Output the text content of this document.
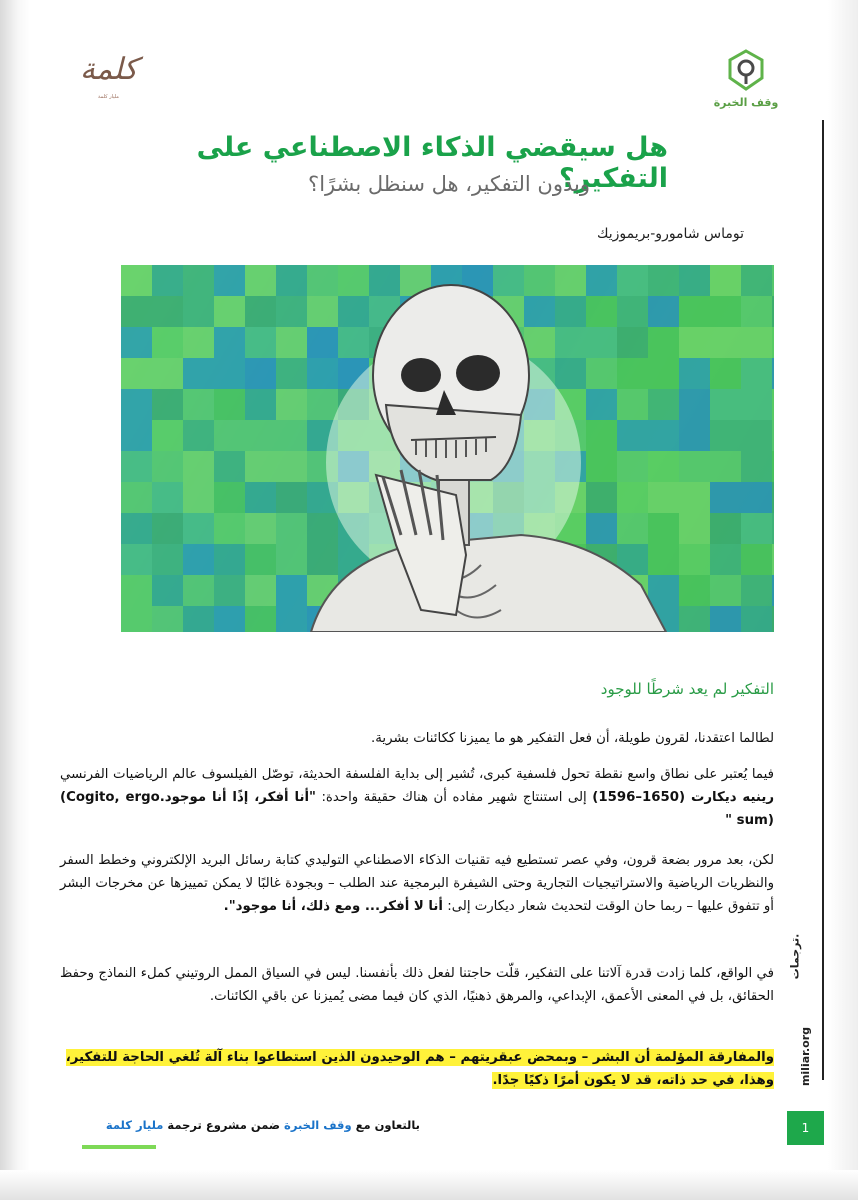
وقف الخبرة
كلمة
مليار كلمة
ترجمات.
miliar.org
هل سيقضي الذكاء الاصطناعي على التفكير؟
وبدون التفكير، هل سنظل بشرًا؟
توماس شامورو-بريموزيك
التفكير لم يعد شرطًا للوجود
لطالما اعتقدنا، لقرون طويلة، أن فعل التفكير هو ما يميزنا ككائنات بشرية.
فيما يُعتبر على نطاق واسع نقطة تحول فلسفية كبرى، تُشير إلى بداية الفلسفة الحديثة، توصّل الفيلسوف عالم الرياضيات الفرنسي رينيه ديكارت (1650–1596) إلى استنتاج شهير مفاده أن هناك حقيقة واحدة: "أنا أفكر، إذًا أنا موجود.(Cogito, ergo sum) "
لكن، بعد مرور بضعة قرون، وفي عصر تستطيع فيه تقنيات الذكاء الاصطناعي التوليدي كتابة رسائل البريد الإلكتروني وخطط السفر والنظريات الرياضية والاستراتيجيات التجارية وحتى الشيفرة البرمجية عند الطلب – وبجودة غالبًا لا يمكن تمييزها عن مخرجات البشر أو تتفوق عليها – ربما حان الوقت لتحديث شعار ديكارت إلى: أنا لا أفكر... ومع ذلك، أنا موجود".
في الواقع، كلما زادت قدرة آلاتنا على التفكير، قلّت حاجتنا لفعل ذلك بأنفسنا. ليس في السياق الممل الروتيني كملء النماذج وحفظ الحقائق، بل في المعنى الأعمق، الإبداعي، والمرهق ذهنيًا، الذي كان فيما مضى يُميزنا عن باقي الكائنات.
والمفارقة المؤلمة أن البشر – وبمحض عبقريتهم – هم الوحيدون الذين استطاعوا بناء آلة تُلغي الحاجة للتفكير،
وهذا، في حد ذاته، قد لا يكون أمرًا ذكيًا جدًا.
بالتعاون مع وقف الخبرة ضمن مشروع ترجمة مليار كلمة	1
